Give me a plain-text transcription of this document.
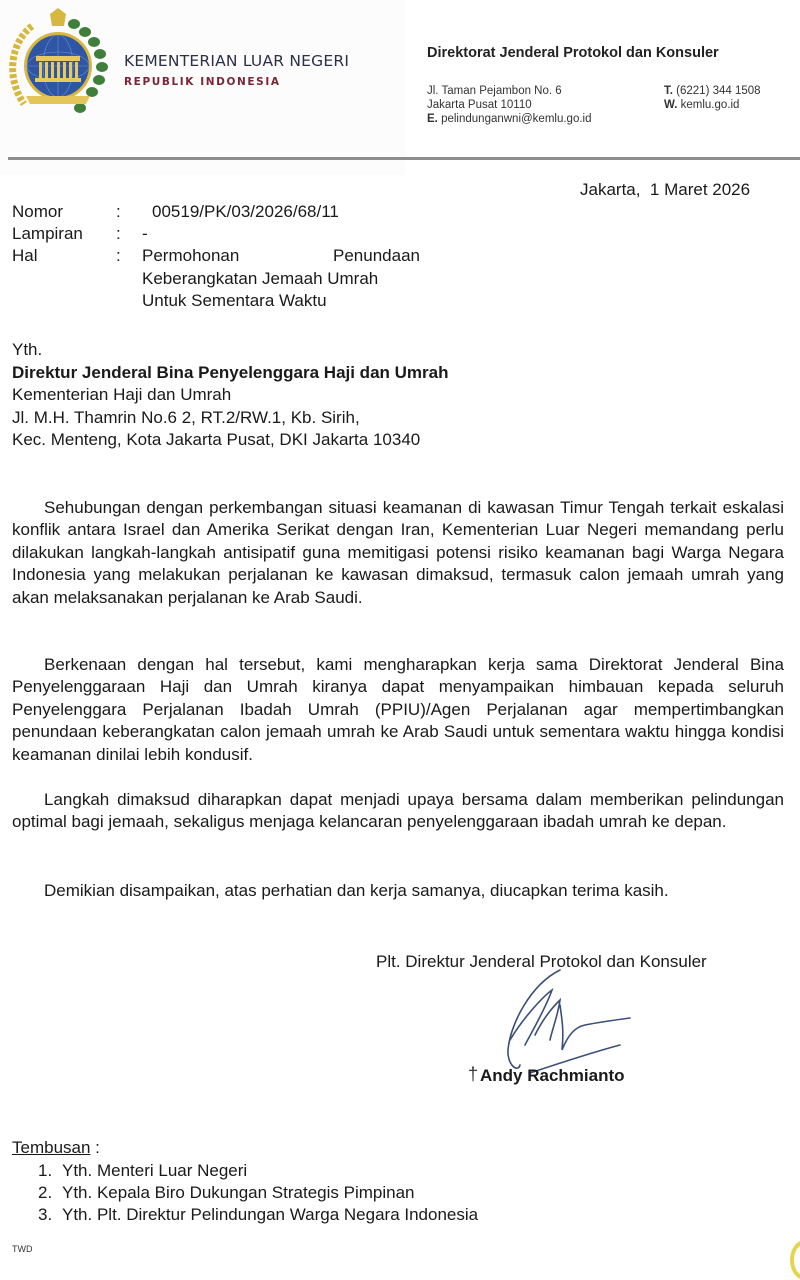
KEMENTERIAN LUAR NEGERI
REPUBLIK INDONESIA
Direktorat Jenderal Protokol dan Konsuler
Jl. Taman Pejambon No. 6
Jakarta Pusat 10110
E. pelindunganwni@kemlu.go.id
T. (6221) 344 1508
W. kemlu.go.id
Jakarta,  1 Maret 2026
Nomor	: 00519/PK/03/2026/68/11
Lampiran : -
Hal	: Permohonan	Penundaan
Keberangkatan Jemaah Umrah
Untuk Sementara Waktu
Yth.
Direktur Jenderal Bina Penyelenggara Haji dan Umrah
Kementerian Haji dan Umrah
Jl. M.H. Thamrin No.6 2, RT.2/RW.1, Kb. Sirih,
Kec. Menteng, Kota Jakarta Pusat, DKI Jakarta 10340

Sehubungan dengan perkembangan situasi keamanan di kawasan Timur Tengah terkait eskalasi konflik antara Israel dan Amerika Serikat dengan Iran, Kementerian Luar Negeri memandang perlu dilakukan langkah-langkah antisipatif guna memitigasi potensi risiko keamanan bagi Warga Negara Indonesia yang melakukan perjalanan ke kawasan dimaksud, termasuk calon jemaah umrah yang akan melaksanakan perjalanan ke Arab Saudi.

Berkenaan dengan hal tersebut, kami mengharapkan kerja sama Direktorat Jenderal Bina Penyelenggaraan Haji dan Umrah kiranya dapat menyampaikan himbauan kepada seluruh Penyelenggara Perjalanan Ibadah Umrah (PPIU)/Agen Perjalanan agar mempertimbangkan penundaan keberangkatan calon jemaah umrah ke Arab Saudi untuk sementara waktu hingga kondisi keamanan dinilai lebih kondusif.

Langkah dimaksud diharapkan dapat menjadi upaya bersama dalam memberikan pelindungan optimal bagi jemaah, sekaligus menjaga kelancaran penyelenggaraan ibadah umrah ke depan.

Demikian disampaikan, atas perhatian dan kerja samanya, diucapkan terima kasih.

Plt. Direktur Jenderal Protokol dan Konsuler
† Andy Rachmianto
Tembusan :
1. Yth. Menteri Luar Negeri
2. Yth. Kepala Biro Dukungan Strategis Pimpinan
3. Yth. Plt. Direktur Pelindungan Warga Negara Indonesia
TWD
